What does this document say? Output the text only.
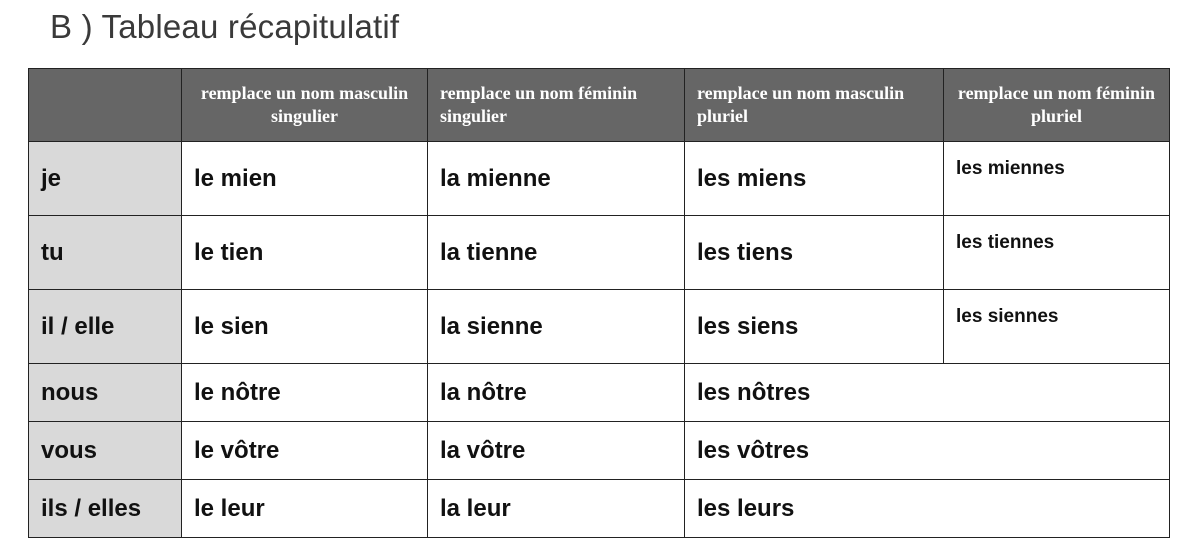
B ) Tableau récapitulatif
	remplace un nom masculin singulier	remplace un nom féminin singulier	remplace un nom masculin pluriel	remplace un nom féminin pluriel
je	le mien	la mienne	les miens	les miennes
tu	le tien	la tienne	les tiens	les tiennes
il / elle	le sien	la sienne	les siens	les siennes
nous	le nôtre	la nôtre	les nôtres	
vous	le vôtre	la vôtre	les vôtres	
ils / elles	le leur	la leur	les leurs	
